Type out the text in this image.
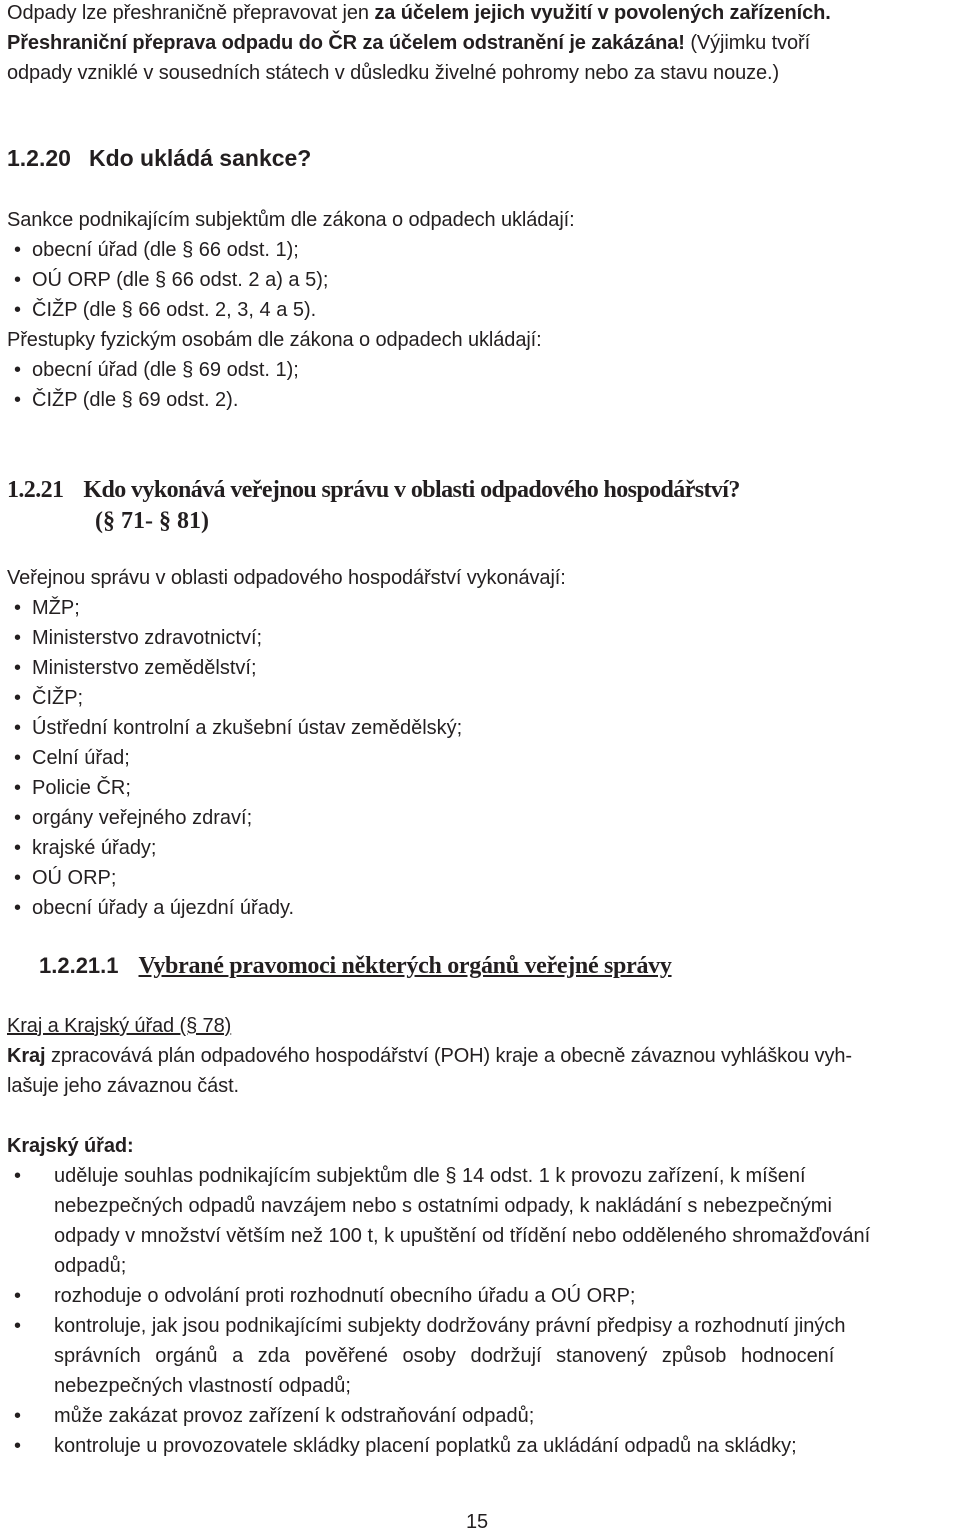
Odpady lze přeshraničně přepravovat jen za účelem jejich využití v povolených zařízeních.
Přeshraniční přeprava odpadu do ČR za účelem odstranění je zakázána! (Výjimku tvoří
odpady vzniklé v sousedních státech v důsledku živelné pohromy nebo za stavu nouze.)
1.2.20 Kdo ukládá sankce?
Sankce podnikajícím subjektům dle zákona o odpadech ukládají:
• obecní úřad (dle § 66 odst. 1);
• OÚ ORP (dle § 66 odst. 2 a) a 5);
• ČIŽP (dle § 66 odst. 2, 3, 4 a 5).
Přestupky fyzickým osobám dle zákona o odpadech ukládají:
• obecní úřad (dle § 69 odst. 1);
• ČIŽP (dle § 69 odst. 2).
1.2.21 Kdo vykonává veřejnou správu v oblasti odpadového hospodářství?
(§ 71- § 81)
Veřejnou správu v oblasti odpadového hospodářství vykonávají:
• MŽP;
• Ministerstvo zdravotnictví;
• Ministerstvo zemědělství;
• ČIŽP;
• Ústřední kontrolní a zkušební ústav zemědělský;
• Celní úřad;
• Policie ČR;
• orgány veřejného zdraví;
• krajské úřady;
• OÚ ORP;
• obecní úřady a újezdní úřady.
1.2.21.1 Vybrané pravomoci některých orgánů veřejné správy
Kraj a Krajský úřad (§ 78)
Kraj zpracovává plán odpadového hospodářství (POH) kraje a obecně závaznou vyhláškou vyh-
lašuje jeho závaznou část.
Krajský úřad:
• uděluje souhlas podnikajícím subjektům dle § 14 odst. 1 k provozu zařízení, k míšení
nebezpečných odpadů navzájem nebo s ostatními odpady, k nakládání s nebezpečnými
odpady v množství větším než 100 t, k upuštění od třídění nebo odděleného shromažďování
odpadů;
• rozhoduje o odvolání proti rozhodnutí obecního úřadu a OÚ ORP;
• kontroluje, jak jsou podnikajícími subjekty dodržovány právní předpisy a rozhodnutí jiných
správních orgánů a zda pověřené osoby dodržují stanovený způsob hodnocení
nebezpečných vlastností odpadů;
• může zakázat provoz zařízení k odstraňování odpadů;
• kontroluje u provozovatele skládky placení poplatků za ukládání odpadů na skládky;
15
